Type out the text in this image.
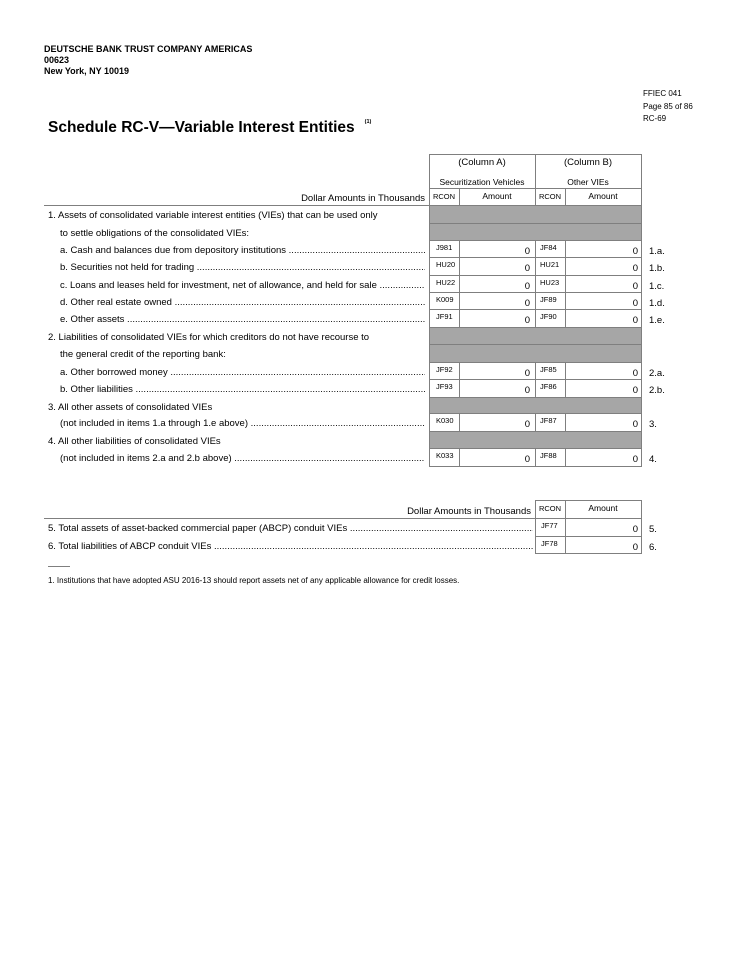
DEUTSCHE BANK TRUST COMPANY AMERICAS
00623
New York, NY 10019
FFIEC 041
Page 85 of 86
RC-69
Schedule RC-V—Variable Interest Entities $^{(1)}$
(Column A)
Securitization Vehicles
(Column B)
Other VIEs
RCON	Amount	RCON	Amount
Dollar Amounts in Thousands
1. Assets of consolidated variable interest entities (VIEs) that can be used only
to settle obligations of the consolidated VIEs:
a. Cash and balances due from depository institutions .....	J981	0 JF84	0 1.a.
b. Securities not held for trading .....	HU20	0 HU21	0 1.b.
c. Loans and leases held for investment, net of allowance, and held for sale .....	HU22	0 HU23	0 1.c.
d. Other real estate owned .....	K009	0 JF89	0 1.d.
e. Other assets .....	JF91	0 JF90	0 1.e.
2. Liabilities of consolidated VIEs for which creditors do not have recourse to
the general credit of the reporting bank:
a. Other borrowed money .....	JF92	0 JF85	0 2.a.
b. Other liabilities .....	JF93	0 JF86	0 2.b.
3. All other assets of consolidated VIEs
(not included in items 1.a through 1.e above) .....	K030	0 JF87	0 3.
4. All other liabilities of consolidated VIEs
(not included in items 2.a and 2.b above) .....	K033	0 JF88	0 4.
Dollar Amounts in Thousands	RCON	Amount
5. Total assets of asset-backed commercial paper (ABCP) conduit VIEs .....	JF77	0 5.
6. Total liabilities of ABCP conduit VIEs .....	JF78	0 6.
1. Institutions that have adopted ASU 2016-13 should report assets net of any applicable allowance for credit losses.
